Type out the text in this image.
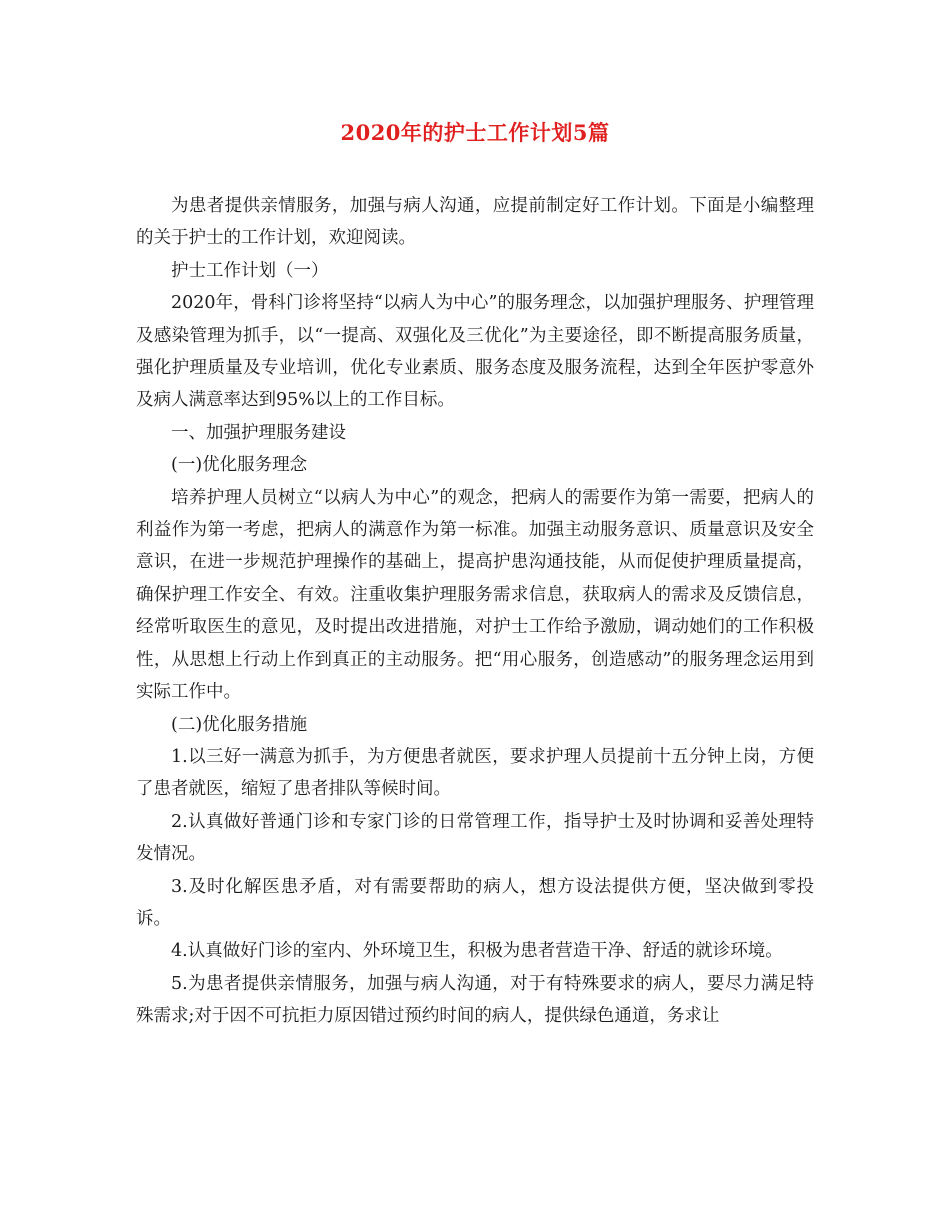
2020年的护士工作计划5篇

为患者提供亲情服务，加强与病人沟通，应提前制定好工作计划。下面是小编整理的关于护士的工作计划，欢迎阅读。

护士工作计划（一）

2020年，骨科门诊将坚持“以病人为中心”的服务理念，以加强护理服务、护理管理及感染管理为抓手，以“一提高、双强化及三优化”为主要途径，即不断提高服务质量，强化护理质量及专业培训，优化专业素质、服务态度及服务流程，达到全年医护零意外及病人满意率达到95%以上的工作目标。

一、加强护理服务建设

(一)优化服务理念

培养护理人员树立“以病人为中心”的观念，把病人的需要作为第一需要，把病人的利益作为第一考虑，把病人的满意作为第一标准。加强主动服务意识、质量意识及安全意识，在进一步规范护理操作的基础上，提高护患沟通技能，从而促使护理质量提高，确保护理工作安全、有效。注重收集护理服务需求信息，获取病人的需求及反馈信息，经常听取医生的意见，及时提出改进措施，对护士工作给予激励，调动她们的工作积极性，从思想上行动上作到真正的主动服务。把“用心服务，创造感动”的服务理念运用到实际工作中。

(二)优化服务措施

1.以三好一满意为抓手，为方便患者就医，要求护理人员提前十五分钟上岗，方便了患者就医，缩短了患者排队等候时间。

2.认真做好普通门诊和专家门诊的日常管理工作，指导护士及时协调和妥善处理特发情况。

3.及时化解医患矛盾，对有需要帮助的病人，想方设法提供方便，坚决做到零投诉。

4.认真做好门诊的室内、外环境卫生，积极为患者营造干净、舒适的就诊环境。

5.为患者提供亲情服务，加强与病人沟通，对于有特殊要求的病人，要尽力满足特殊需求;对于因不可抗拒力原因错过预约时间的病人，提供绿色通道，务求让
